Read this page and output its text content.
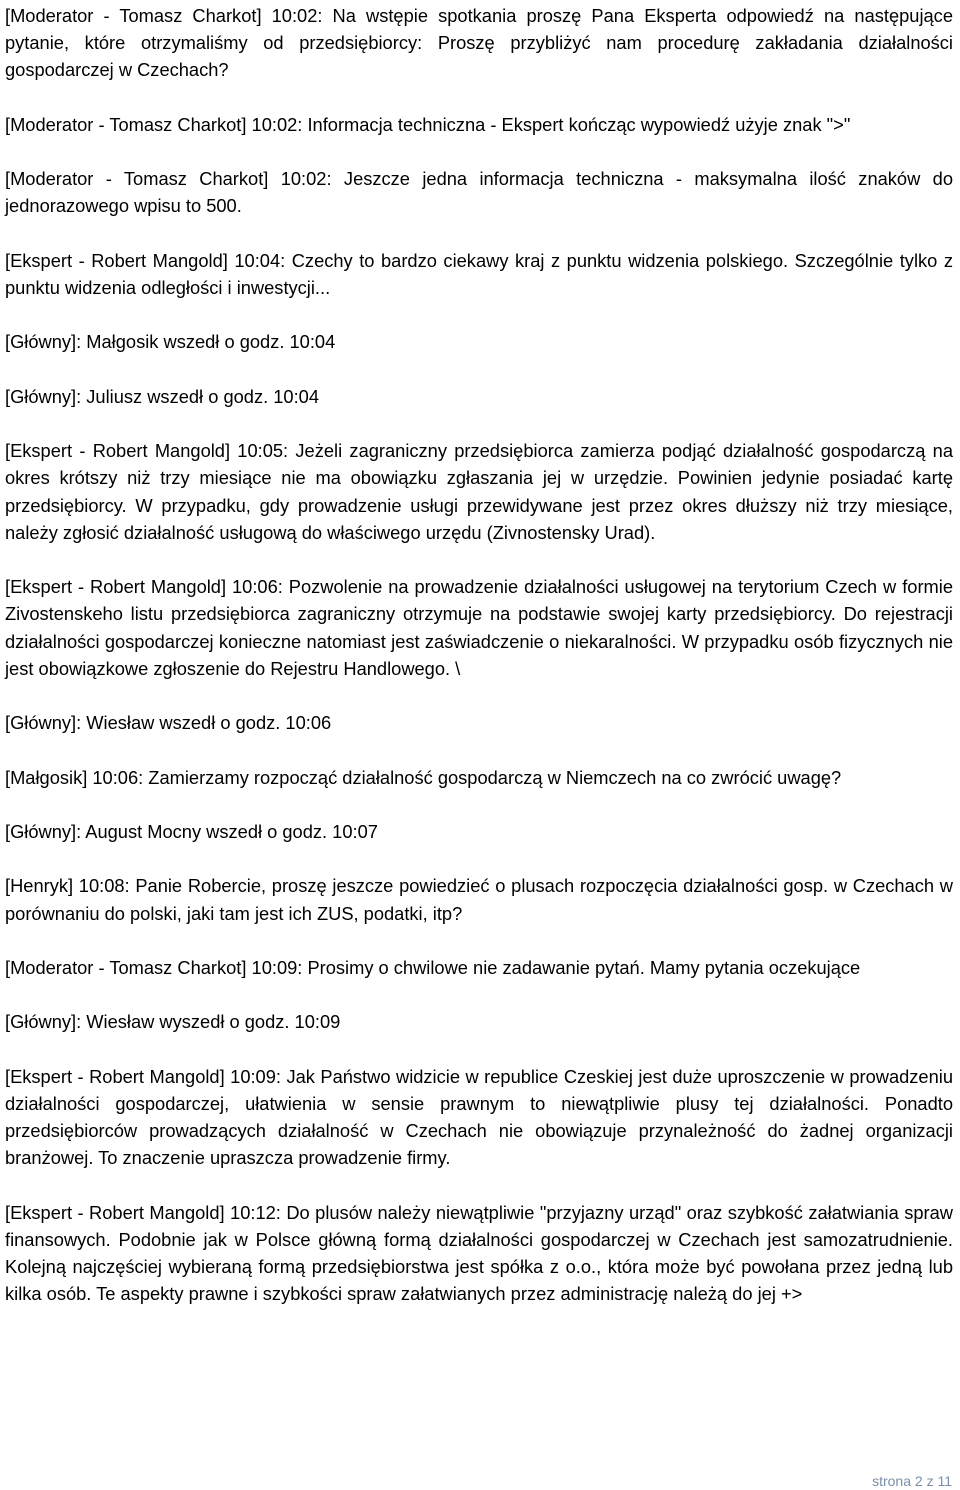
[Moderator - Tomasz Charkot] 10:02: Na wstępie spotkania proszę Pana Eksperta odpowiedź na następujące pytanie, które otrzymaliśmy od przedsiębiorcy: Proszę przybliżyć nam procedurę zakładania działalności gospodarczej w Czechach?

[Moderator - Tomasz Charkot] 10:02: Informacja techniczna - Ekspert kończąc wypowiedź użyje znak ">"

[Moderator - Tomasz Charkot] 10:02: Jeszcze jedna informacja techniczna - maksymalna ilość znaków do jednorazowego wpisu to 500.

[Ekspert - Robert Mangold] 10:04: Czechy to bardzo ciekawy kraj z punktu widzenia polskiego. Szczególnie tylko z punktu widzenia odległości i inwestycji...

[Główny]: Małgosik wszedł o godz. 10:04

[Główny]: Juliusz wszedł o godz. 10:04

[Ekspert - Robert Mangold] 10:05: Jeżeli zagraniczny przedsiębiorca zamierza podjąć działalność gospodarczą na okres krótszy niż trzy miesiące nie ma obowiązku zgłaszania jej w urzędzie. Powinien jedynie posiadać kartę przedsiębiorcy. W przypadku, gdy prowadzenie usługi przewidywane jest przez okres dłuższy niż trzy miesiące, należy zgłosić działalność usługową do właściwego urzędu (Zivnostensky Urad).

[Ekspert - Robert Mangold] 10:06: Pozwolenie na prowadzenie działalności usługowej na terytorium Czech w formie Zivostenskeho listu przedsiębiorca zagraniczny otrzymuje na podstawie swojej karty przedsiębiorcy. Do rejestracji działalności gospodarczej konieczne natomiast jest zaświadczenie o niekaralności. W przypadku osób fizycznych nie jest obowiązkowe zgłoszenie do Rejestru Handlowego. \

[Główny]: Wiesław wszedł o godz. 10:06

[Małgosik] 10:06: Zamierzamy rozpocząć działalność gospodarczą w Niemczech na co zwrócić uwagę?

[Główny]: August Mocny wszedł o godz. 10:07

[Henryk] 10:08: Panie Robercie, proszę jeszcze powiedzieć o plusach rozpoczęcia działalności gosp. w Czechach w porównaniu do polski, jaki tam jest ich ZUS, podatki, itp?

[Moderator - Tomasz Charkot] 10:09: Prosimy o chwilowe nie zadawanie pytań. Mamy pytania oczekujące

[Główny]: Wiesław wyszedł o godz. 10:09

[Ekspert - Robert Mangold] 10:09: Jak Państwo widzicie w republice Czeskiej jest duże uproszczenie w prowadzeniu działalności gospodarczej, ułatwienia w sensie prawnym to niewątpliwie plusy tej działalności. Ponadto przedsiębiorców prowadzących działalność w Czechach nie obowiązuje przynależność do żadnej organizacji branżowej. To znaczenie upraszcza prowadzenie firmy.

[Ekspert - Robert Mangold] 10:12: Do plusów należy niewątpliwie "przyjazny urząd" oraz szybkość załatwiania spraw finansowych. Podobnie jak w Polsce główną formą działalności gospodarczej w Czechach jest samozatrudnienie. Kolejną najczęściej wybieraną formą przedsiębiorstwa jest spółka z o.o., która może być powołana przez jedną lub kilka osób. Te aspekty prawne i szybkości spraw załatwianych przez administrację należą do jej +>

strona 2 z 11
